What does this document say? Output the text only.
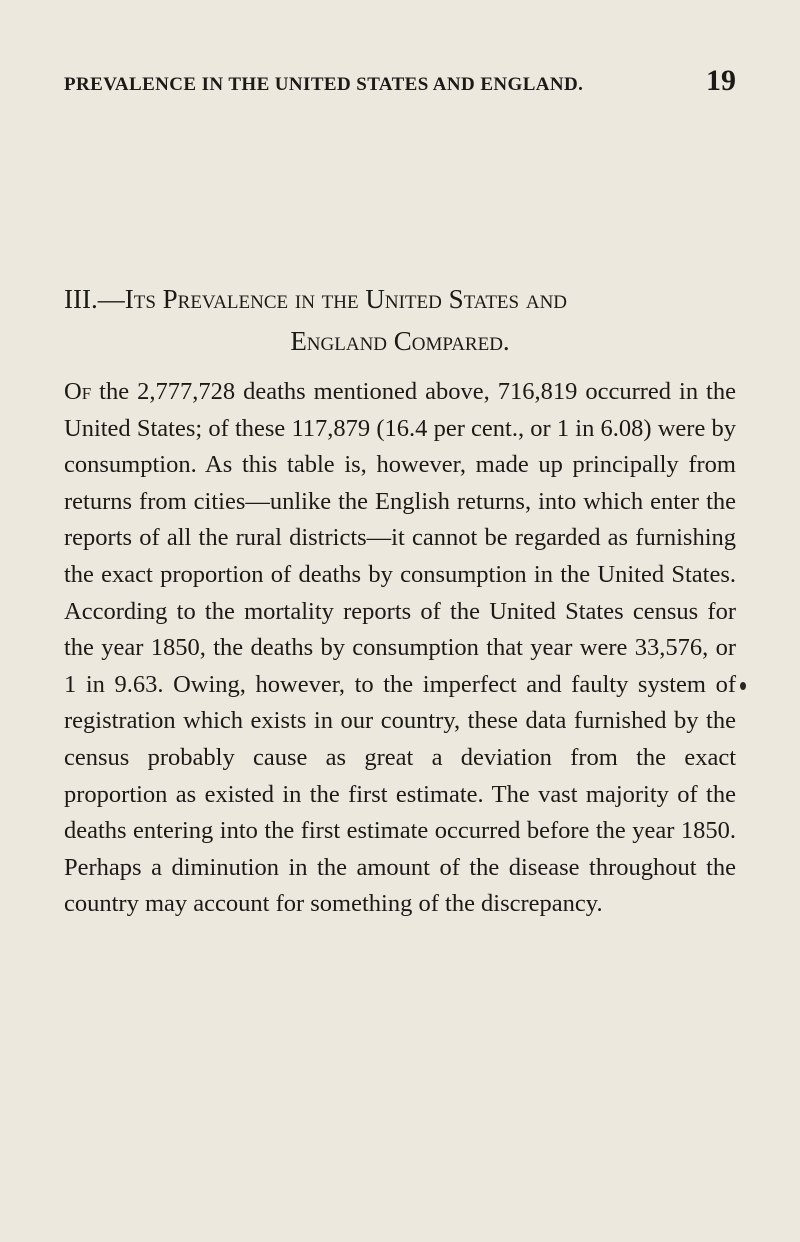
PREVALENCE IN THE UNITED STATES AND ENGLAND.	19
III.—Its Prevalence in the United States and
England Compared.

Of the 2,777,728 deaths mentioned above, 716,819 occurred in the United States; of these 117,879 (16.4 per cent., or 1 in 6.08) were by consumption. As this table is, however, made up principally from returns from cities—unlike the English returns, into which enter the reports of all the rural districts—it cannot be regarded as furnishing the exact proportion of deaths by consumption in the United States. According to the mortality reports of the United States census for the year 1850, the deaths by consumption that year were 33,576, or 1 in 9.63. Owing, however, to the imperfect and faulty system of registration which exists in our country, these data furnished by the census probably cause as great a deviation from the exact proportion as existed in the first estimate. The vast majority of the deaths entering into the first estimate occurred before the year 1850. Perhaps a diminution in the amount of the disease throughout the country may account for something of the discrepancy.
